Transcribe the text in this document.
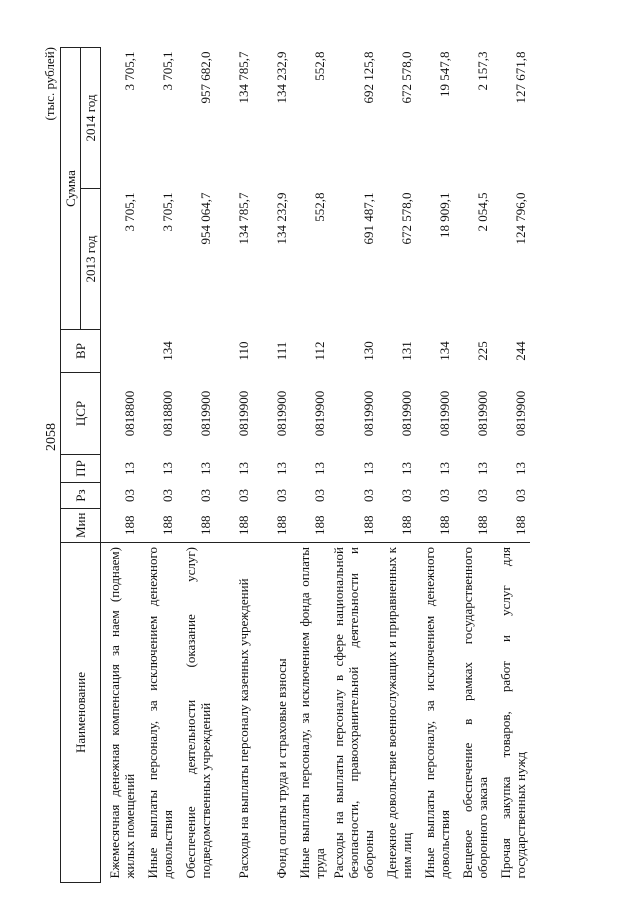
2058
(тыс. рублей)
Наименование	Мин	Рз	ПР	ЦСР	ВР	Сумма	
						2013 год	2014 год
Ежемесячная денежная компенсация за наем (поднаем) жилых помещений	188	03	13	0818800		3 705,1	3 705,1
Иные выплаты персоналу, за исключением денежного довольствия	188	03	13	0818800	134	3 705,1	3 705,1
Обеспечение деятельности (оказание услуг) подведомственных учреждений	188	03	13	0819900		954 064,7	957 682,0
Расходы на выплаты персоналу казенных учреждений	188	03	13	0819900	110	134 785,7	134 785,7
Фонд оплаты труда и страховые взносы	188	03	13	0819900	111	134 232,9	134 232,9
Иные выплаты персоналу, за исключением фонда оплаты труда	188	03	13	0819900	112	552,8	552,8
Расходы на выплаты персоналу в сфере национальной безопасности, правоохранительной деятельности и обороны	188	03	13	0819900	130	691 487,1	692 125,8
Денежное довольствие военнослужащих и приравненных к ним лиц	188	03	13	0819900	131	672 578,0	672 578,0
Иные выплаты персоналу, за исключением денежного довольствия	188	03	13	0819900	134	18 909,1	19 547,8
Вещевое обеспечение в рамках государственного оборонного заказа	188	03	13	0819900	225	2 054,5	2 157,3
Прочая закупка товаров, работ и услуг для государственных нужд	188	03	13	0819900	244	124 796,0	127 671,8
